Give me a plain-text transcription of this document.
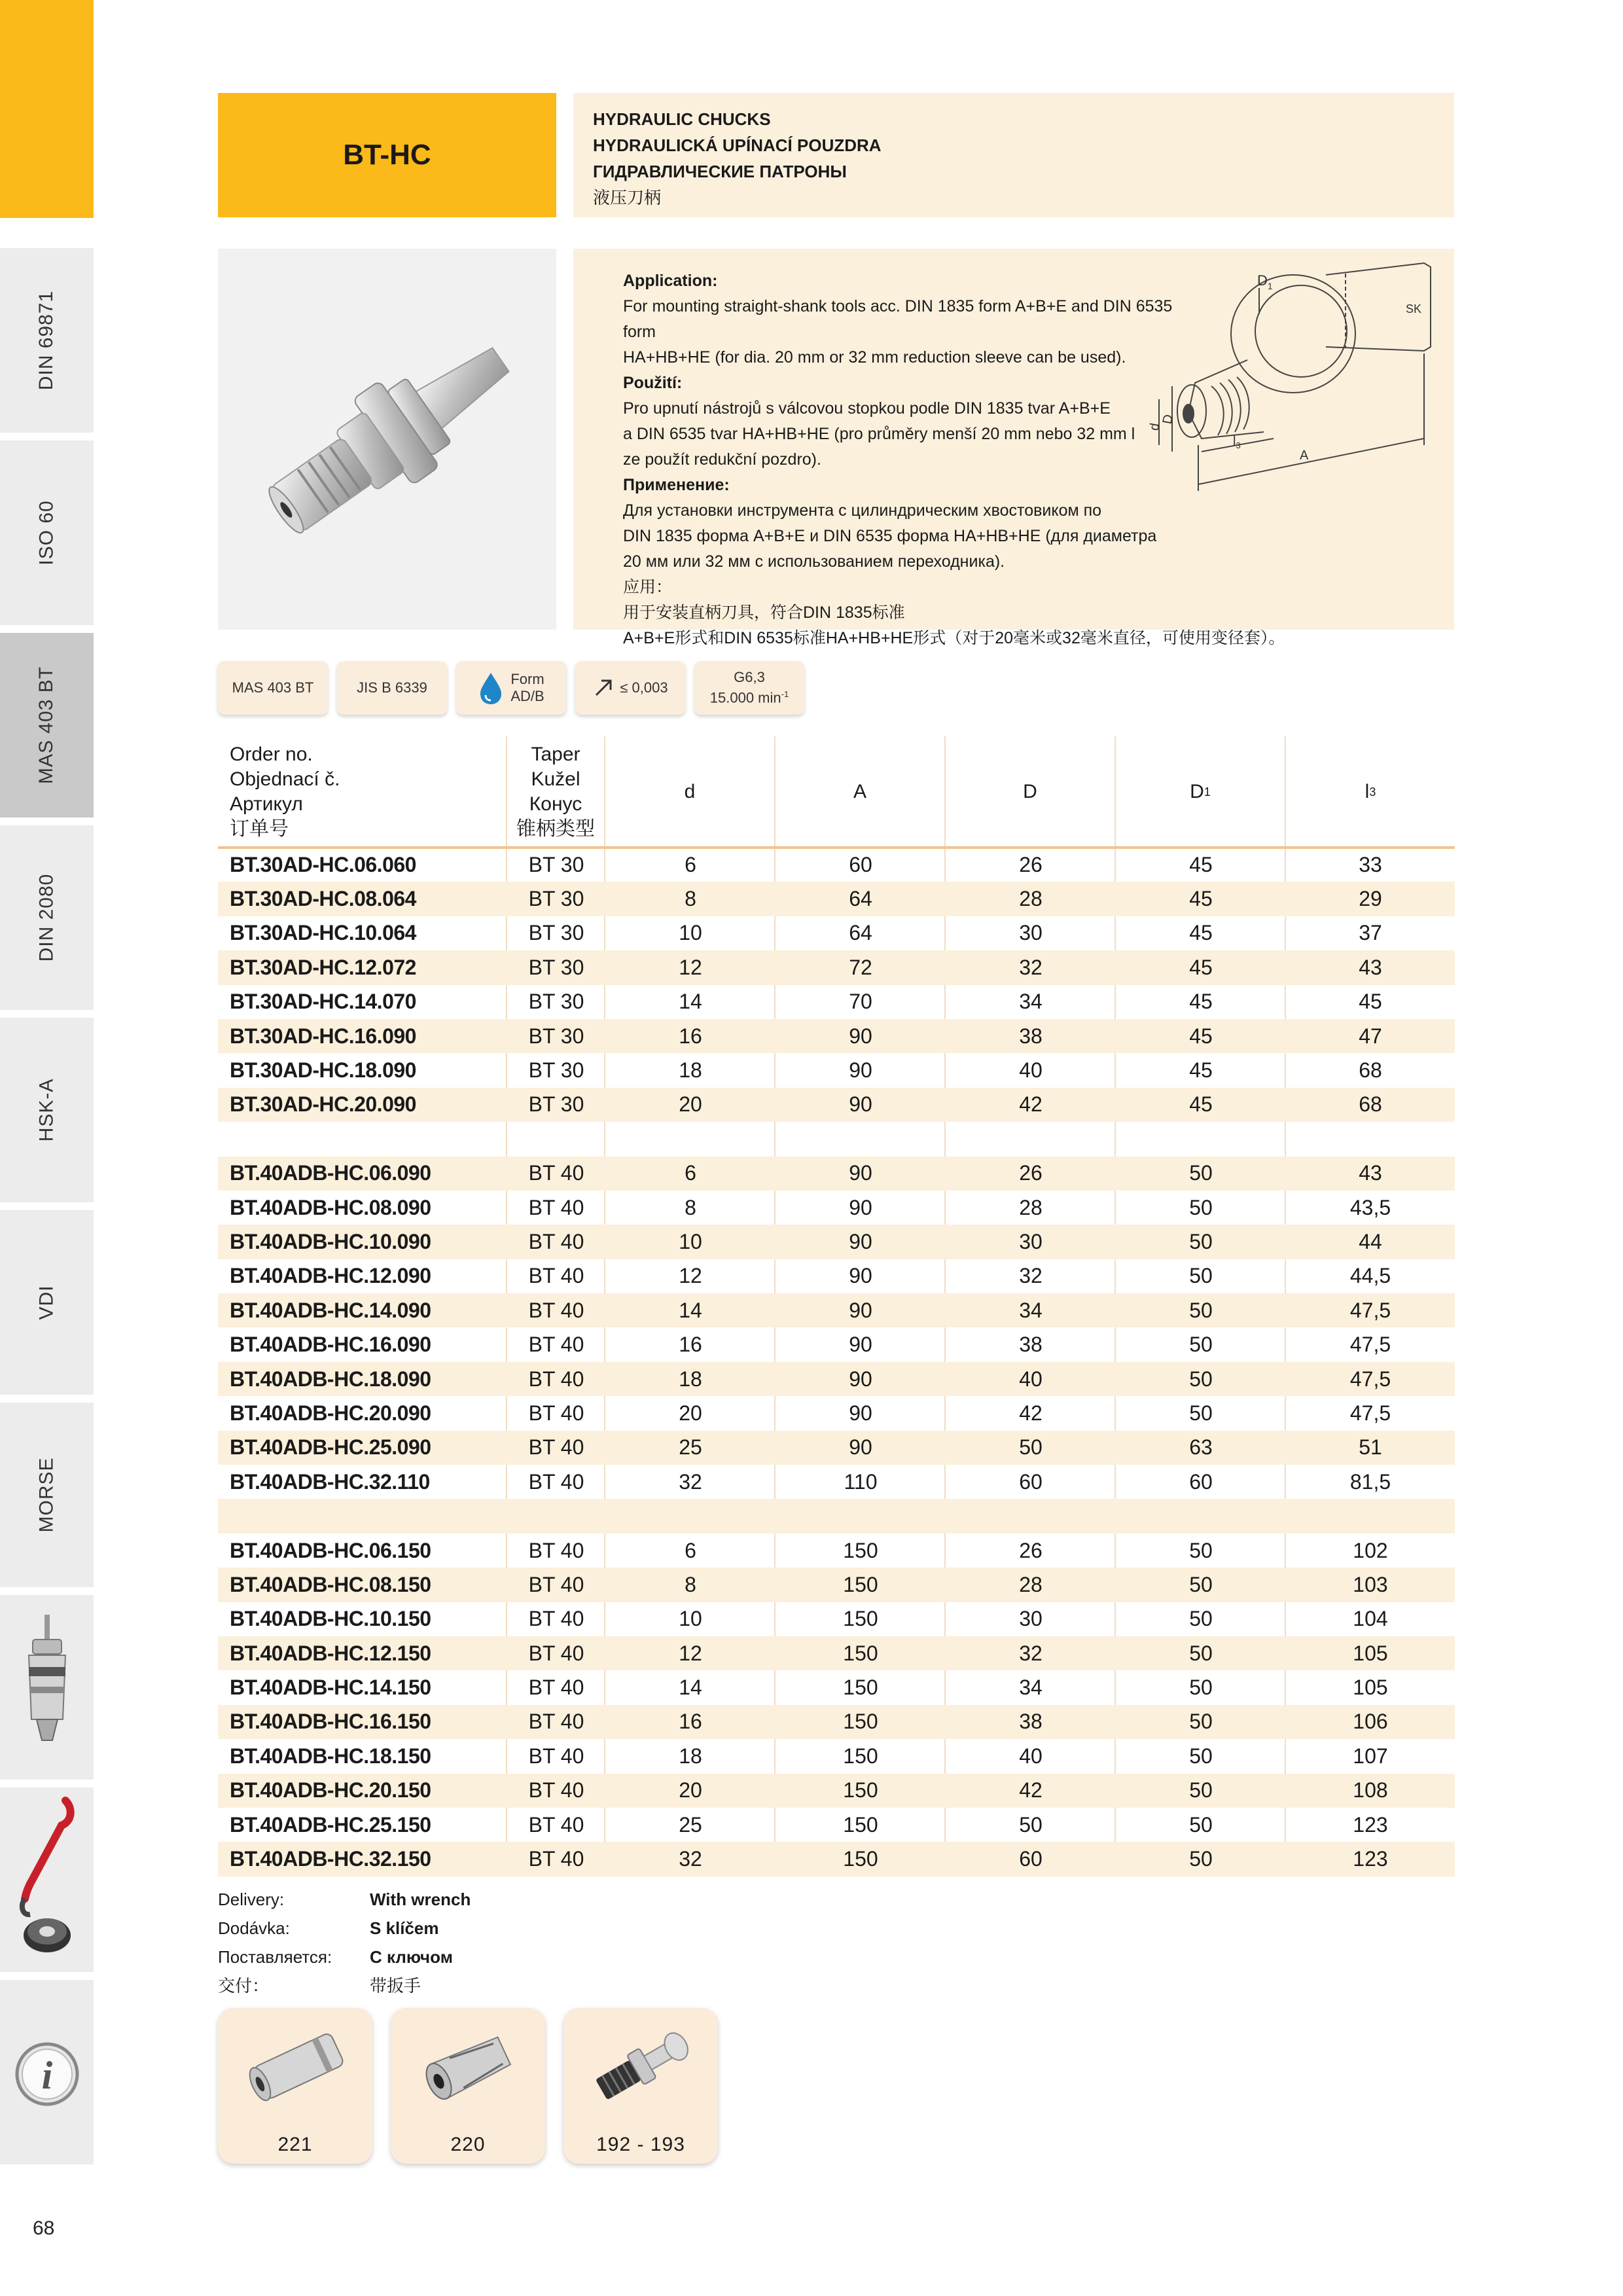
DIN 69871
ISO 60
MAS 403 BT
DIN 2080
HSK-A
VDI
MORSE
i
68
BT-HC
HYDRAULIC CHUCKS
HYDRAULICKÁ UPÍNACÍ POUZDRA
ГИДРАВЛИЧЕСКИЕ ПАТРОНЫ
液压刀柄
Application:
For mounting straight-shank tools acc. DIN 1835 form A+B+E and DIN 6535 form
HA+HB+HE (for dia. 20 mm or 32 mm reduction sleeve can be used).
Použití:
Pro upnutí nástrojů s válcovou stopkou podle DIN 1835 tvar A+B+E
a DIN 6535 tvar HA+HB+HE (pro průměry menší 20 mm nebo 32 mm l
ze použít redukční pozdro).
Применение:
Для установки инструмента с цилиндрическим хвостовиком по
DIN 1835 форма A+B+E и DIN 6535 форма HA+HB+HE (для диаметра
20 мм или 32 мм с использованием переходника).
应用：
用于安装直柄刀具，符合DIN 1835标准
A+B+E形式和DIN 6535标准HA+HB+HE形式（对于20毫米或32毫米直径，可使用变径套）。
$D_1$
SK
d
D
$l_3$
A
MAS 403 BT	JIS B 6339
Form
AD/B
≤ 0,003
G6,3
15.000 $\min^{-1}$
Order no.
Objednací č.
Артикул
订单号
Taper
Kužel
Конус
锥柄类型
d	A	D	D 1	l 3
BT.30AD-HC.06.060	BT 30	6	60	26	45	33
BT.30AD-HC.08.064	BT 30	8	64	28	45	29
BT.30AD-HC.10.064	BT 30	10	64	30	45	37
BT.30AD-HC.12.072	BT 30	12	72	32	45	43
BT.30AD-HC.14.070	BT 30	14	70	34	45	45
BT.30AD-HC.16.090	BT 30	16	90	38	45	47
BT.30AD-HC.18.090	BT 30	18	90	40	45	68
BT.30AD-HC.20.090	BT 30	20	90	42	45	68
BT.40ADB-HC.06.090	BT 40	6	90	26	50	43
BT.40ADB-HC.08.090	BT 40	8	90	28	50	43,5
BT.40ADB-HC.10.090	BT 40	10	90	30	50	44
BT.40ADB-HC.12.090	BT 40	12	90	32	50	44,5
BT.40ADB-HC.14.090	BT 40	14	90	34	50	47,5
BT.40ADB-HC.16.090	BT 40	16	90	38	50	47,5
BT.40ADB-HC.18.090	BT 40	18	90	40	50	47,5
BT.40ADB-HC.20.090	BT 40	20	90	42	50	47,5
BT.40ADB-HC.25.090	BT 40	25	90	50	63	51
BT.40ADB-HC.32.110	BT 40	32	110	60	60	81,5
BT.40ADB-HC.06.150	BT 40	6	150	26	50	102
BT.40ADB-HC.08.150	BT 40	8	150	28	50	103
BT.40ADB-HC.10.150	BT 40	10	150	30	50	104
BT.40ADB-HC.12.150	BT 40	12	150	32	50	105
BT.40ADB-HC.14.150	BT 40	14	150	34	50	105
BT.40ADB-HC.16.150	BT 40	16	150	38	50	106
BT.40ADB-HC.18.150	BT 40	18	150	40	50	107
BT.40ADB-HC.20.150	BT 40	20	150	42	50	108
BT.40ADB-HC.25.150	BT 40	25	150	50	50	123
BT.40ADB-HC.32.150	BT 40	32	150	60	50	123
Delivery:	With wrench
Dodávka:	S klíčem
Поставляется:	С ключом
交付：	带扳手
221	220	192 - 193
